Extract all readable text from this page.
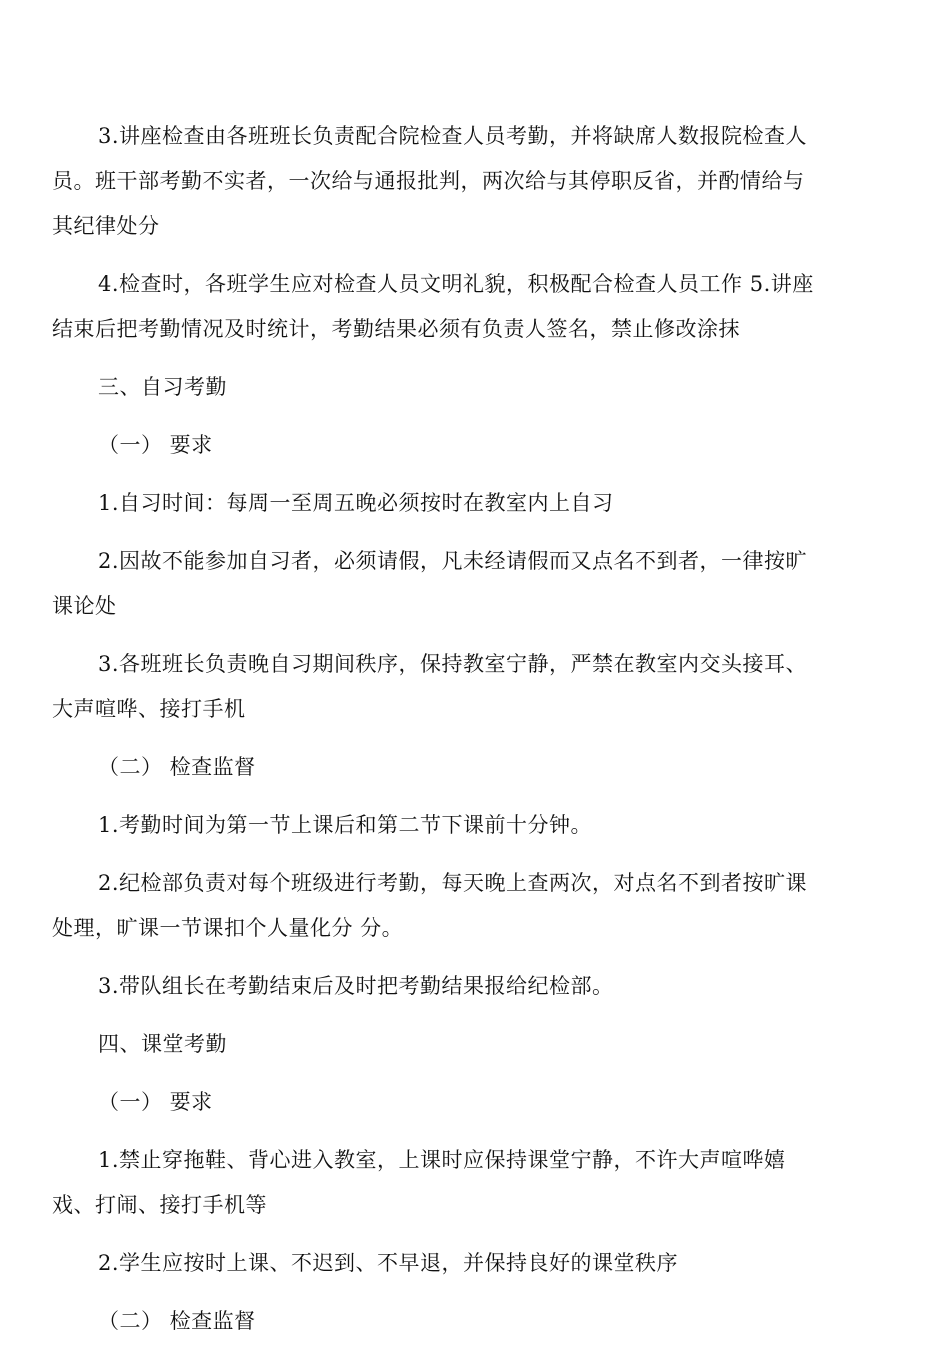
3.讲座检查由各班班长负责配合院检查人员考勤，并将缺席人数报院检查人
员。班干部考勤不实者，一次给与通报批判，两次给与其停职反省，并酌情给与
其纪律处分
4.检查时，各班学生应对检查人员文明礼貌，积极配合检查人员工作 5.讲座
结束后把考勤情况及时统计，考勤结果必须有负责人签名，禁止修改涂抹
三、自习考勤
（一） 要求
1.自习时间：每周一至周五晚必须按时在教室内上自习
2.因故不能参加自习者，必须请假，凡未经请假而又点名不到者，一律按旷
课论处
3.各班班长负责晚自习期间秩序，保持教室宁静，严禁在教室内交头接耳、
大声喧哗、接打手机
（二） 检查监督
1.考勤时间为第一节上课后和第二节下课前十分钟。
2.纪检部负责对每个班级进行考勤，每天晚上查两次，对点名不到者按旷课
处理，旷课一节课扣个人量化分 分。
3.带队组长在考勤结束后及时把考勤结果报给纪检部。
四、课堂考勤
（一） 要求
1.禁止穿拖鞋、背心进入教室，上课时应保持课堂宁静，不许大声喧哗嬉
戏、打闹、接打手机等
2.学生应按时上课、不迟到、不早退，并保持良好的课堂秩序
（二） 检查监督
